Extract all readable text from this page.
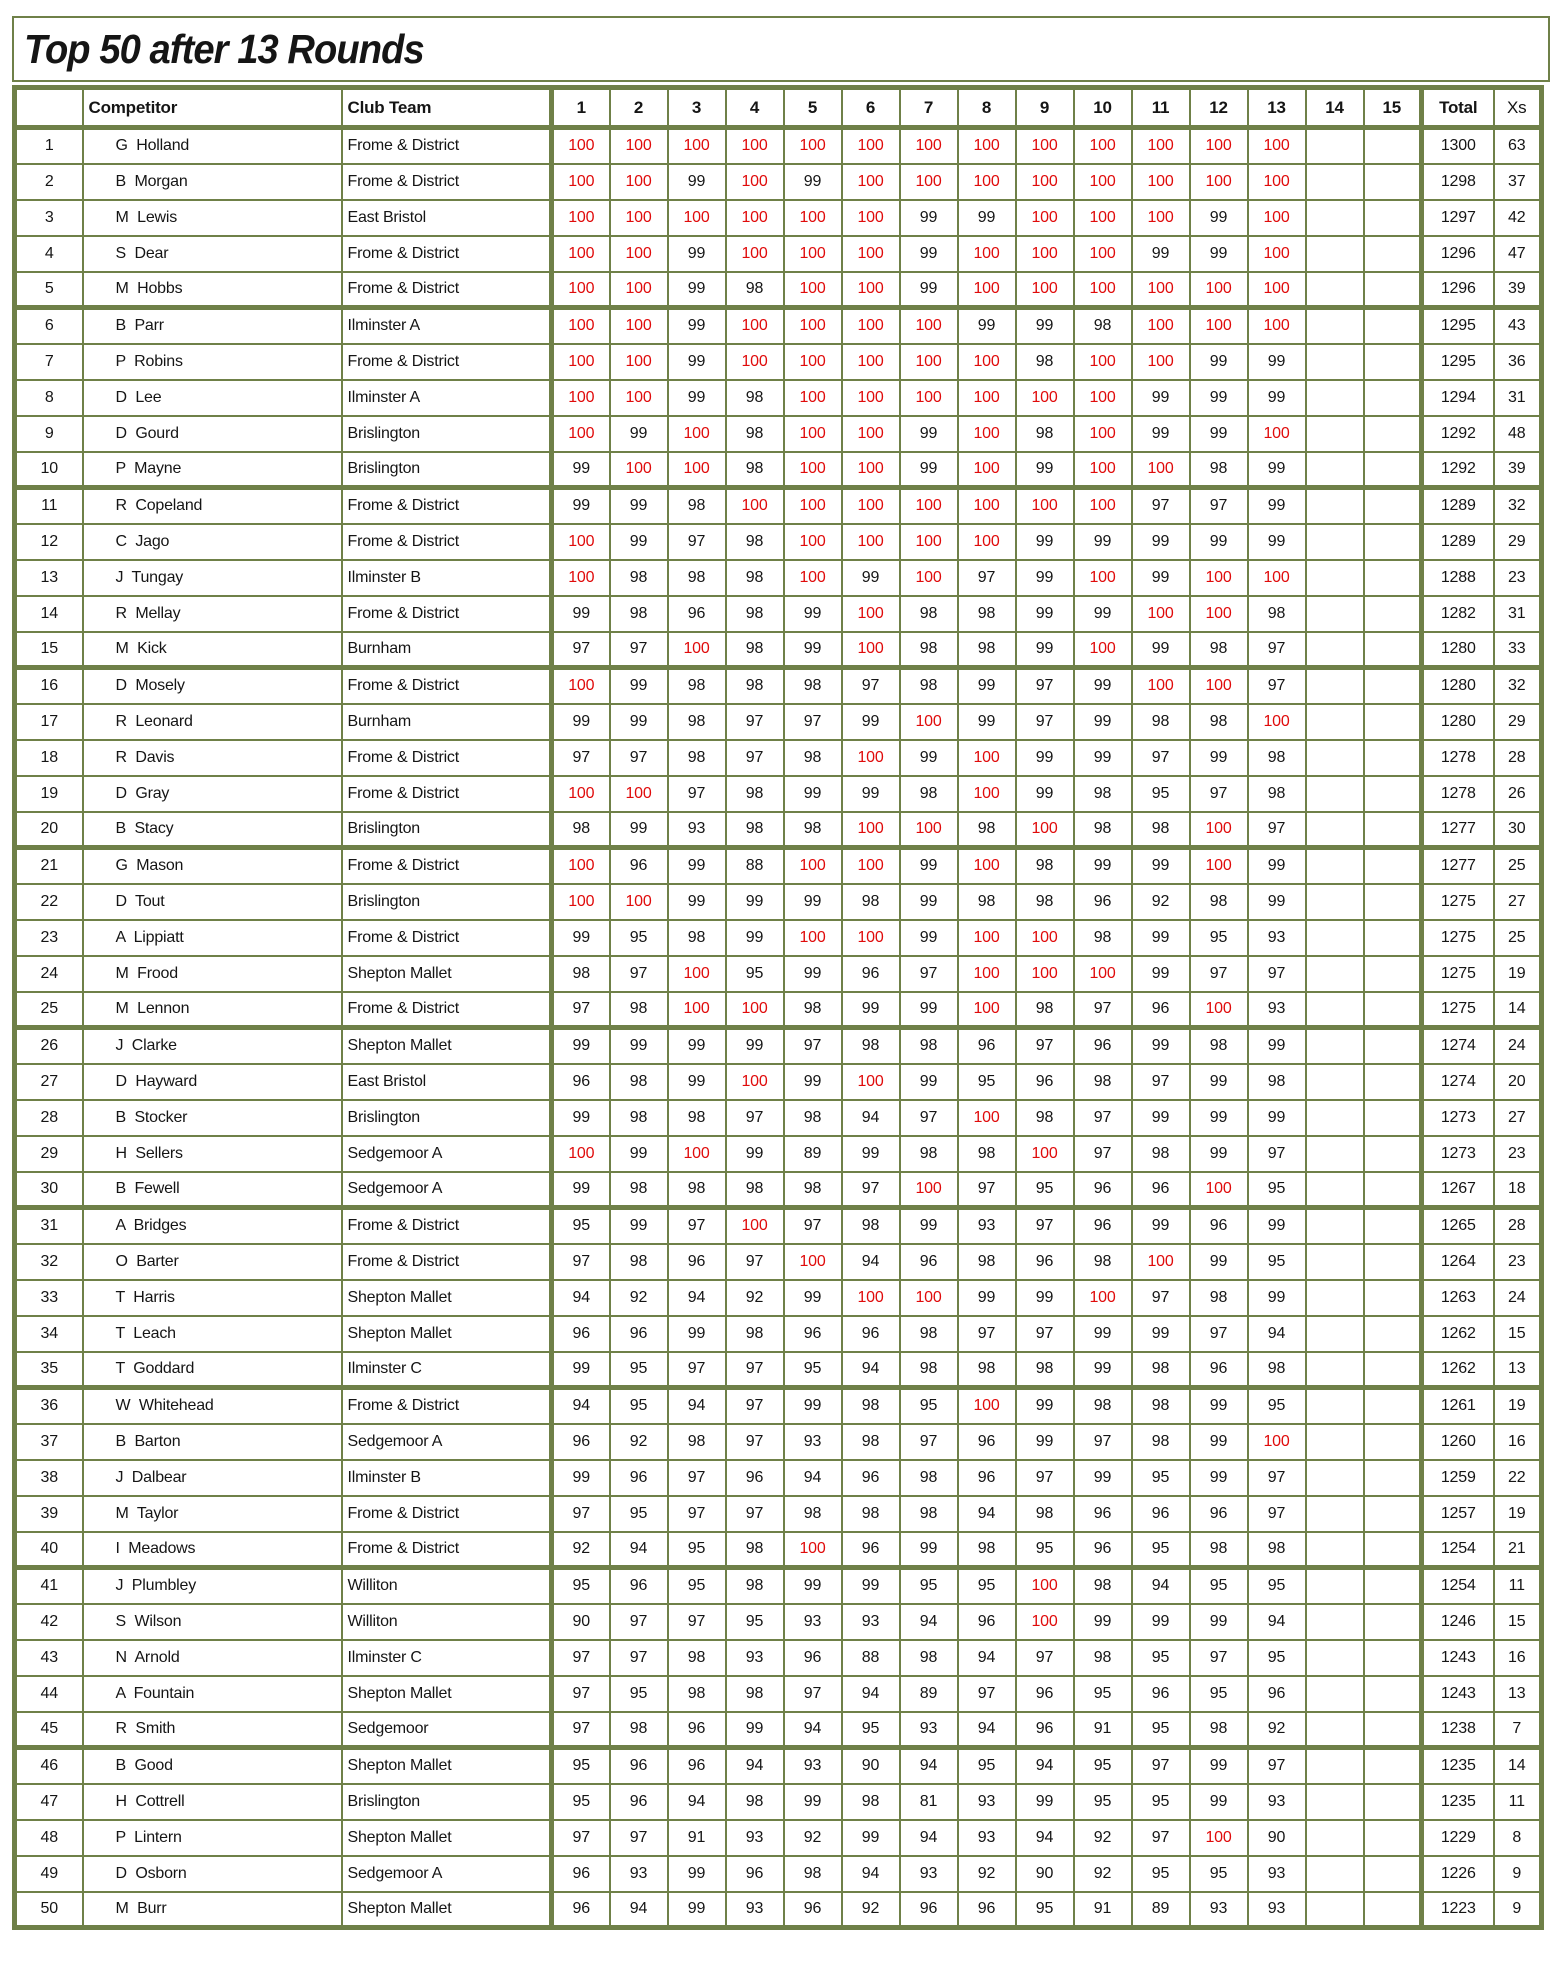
Top 50 after 13 Rounds
	Competitor	Club Team	1	2	3	4	5	6	7	8	9	10	11	12	13	14	15	Total	Xs
1	G  Holland	Frome & District	100	100	100	100	100	100	100	100	100	100	100	100	100			1300	63
2	B  Morgan	Frome & District	100	100	99	100	99	100	100	100	100	100	100	100	100			1298	37
3	M  Lewis	East Bristol	100	100	100	100	100	100	99	99	100	100	100	99	100			1297	42
4	S  Dear	Frome & District	100	100	99	100	100	100	99	100	100	100	99	99	100			1296	47
5	M  Hobbs	Frome & District	100	100	99	98	100	100	99	100	100	100	100	100	100			1296	39
6	B  Parr	Ilminster A	100	100	99	100	100	100	100	99	99	98	100	100	100			1295	43
7	P  Robins	Frome & District	100	100	99	100	100	100	100	100	98	100	100	99	99			1295	36
8	D  Lee	Ilminster A	100	100	99	98	100	100	100	100	100	100	99	99	99			1294	31
9	D  Gourd	Brislington	100	99	100	98	100	100	99	100	98	100	99	99	100			1292	48
10	P  Mayne	Brislington	99	100	100	98	100	100	99	100	99	100	100	98	99			1292	39
11	R  Copeland	Frome & District	99	99	98	100	100	100	100	100	100	100	97	97	99			1289	32
12	C  Jago	Frome & District	100	99	97	98	100	100	100	100	99	99	99	99	99			1289	29
13	J  Tungay	Ilminster B	100	98	98	98	100	99	100	97	99	100	99	100	100			1288	23
14	R  Mellay	Frome & District	99	98	96	98	99	100	98	98	99	99	100	100	98			1282	31
15	M  Kick	Burnham	97	97	100	98	99	100	98	98	99	100	99	98	97			1280	33
16	D  Mosely	Frome & District	100	99	98	98	98	97	98	99	97	99	100	100	97			1280	32
17	R  Leonard	Burnham	99	99	98	97	97	99	100	99	97	99	98	98	100			1280	29
18	R  Davis	Frome & District	97	97	98	97	98	100	99	100	99	99	97	99	98			1278	28
19	D  Gray	Frome & District	100	100	97	98	99	99	98	100	99	98	95	97	98			1278	26
20	B  Stacy	Brislington	98	99	93	98	98	100	100	98	100	98	98	100	97			1277	30
21	G  Mason	Frome & District	100	96	99	88	100	100	99	100	98	99	99	100	99			1277	25
22	D  Tout	Brislington	100	100	99	99	99	98	99	98	98	96	92	98	99			1275	27
23	A  Lippiatt	Frome & District	99	95	98	99	100	100	99	100	100	98	99	95	93			1275	25
24	M  Frood	Shepton Mallet	98	97	100	95	99	96	97	100	100	100	99	97	97			1275	19
25	M  Lennon	Frome & District	97	98	100	100	98	99	99	100	98	97	96	100	93			1275	14
26	J  Clarke	Shepton Mallet	99	99	99	99	97	98	98	96	97	96	99	98	99			1274	24
27	D  Hayward	East Bristol	96	98	99	100	99	100	99	95	96	98	97	99	98			1274	20
28	B  Stocker	Brislington	99	98	98	97	98	94	97	100	98	97	99	99	99			1273	27
29	H  Sellers	Sedgemoor A	100	99	100	99	89	99	98	98	100	97	98	99	97			1273	23
30	B  Fewell	Sedgemoor A	99	98	98	98	98	97	100	97	95	96	96	100	95			1267	18
31	A  Bridges	Frome & District	95	99	97	100	97	98	99	93	97	96	99	96	99			1265	28
32	O  Barter	Frome & District	97	98	96	97	100	94	96	98	96	98	100	99	95			1264	23
33	T  Harris	Shepton Mallet	94	92	94	92	99	100	100	99	99	100	97	98	99			1263	24
34	T  Leach	Shepton Mallet	96	96	99	98	96	96	98	97	97	99	99	97	94			1262	15
35	T  Goddard	Ilminster C	99	95	97	97	95	94	98	98	98	99	98	96	98			1262	13
36	W  Whitehead	Frome & District	94	95	94	97	99	98	95	100	99	98	98	99	95			1261	19
37	B  Barton	Sedgemoor A	96	92	98	97	93	98	97	96	99	97	98	99	100			1260	16
38	J  Dalbear	Ilminster B	99	96	97	96	94	96	98	96	97	99	95	99	97			1259	22
39	M  Taylor	Frome & District	97	95	97	97	98	98	98	94	98	96	96	96	97			1257	19
40	I  Meadows	Frome & District	92	94	95	98	100	96	99	98	95	96	95	98	98			1254	21
41	J  Plumbley	Williton	95	96	95	98	99	99	95	95	100	98	94	95	95			1254	11
42	S  Wilson	Williton	90	97	97	95	93	93	94	96	100	99	99	99	94			1246	15
43	N  Arnold	Ilminster C	97	97	98	93	96	88	98	94	97	98	95	97	95			1243	16
44	A  Fountain	Shepton Mallet	97	95	98	98	97	94	89	97	96	95	96	95	96			1243	13
45	R  Smith	Sedgemoor	97	98	96	99	94	95	93	94	96	91	95	98	92			1238	7
46	B  Good	Shepton Mallet	95	96	96	94	93	90	94	95	94	95	97	99	97			1235	14
47	H  Cottrell	Brislington	95	96	94	98	99	98	81	93	99	95	95	99	93			1235	11
48	P  Lintern	Shepton Mallet	97	97	91	93	92	99	94	93	94	92	97	100	90			1229	8
49	D  Osborn	Sedgemoor A	96	93	99	96	98	94	93	92	90	92	95	95	93			1226	9
50	M  Burr	Shepton Mallet	96	94	99	93	96	92	96	96	95	91	89	93	93			1223	9
